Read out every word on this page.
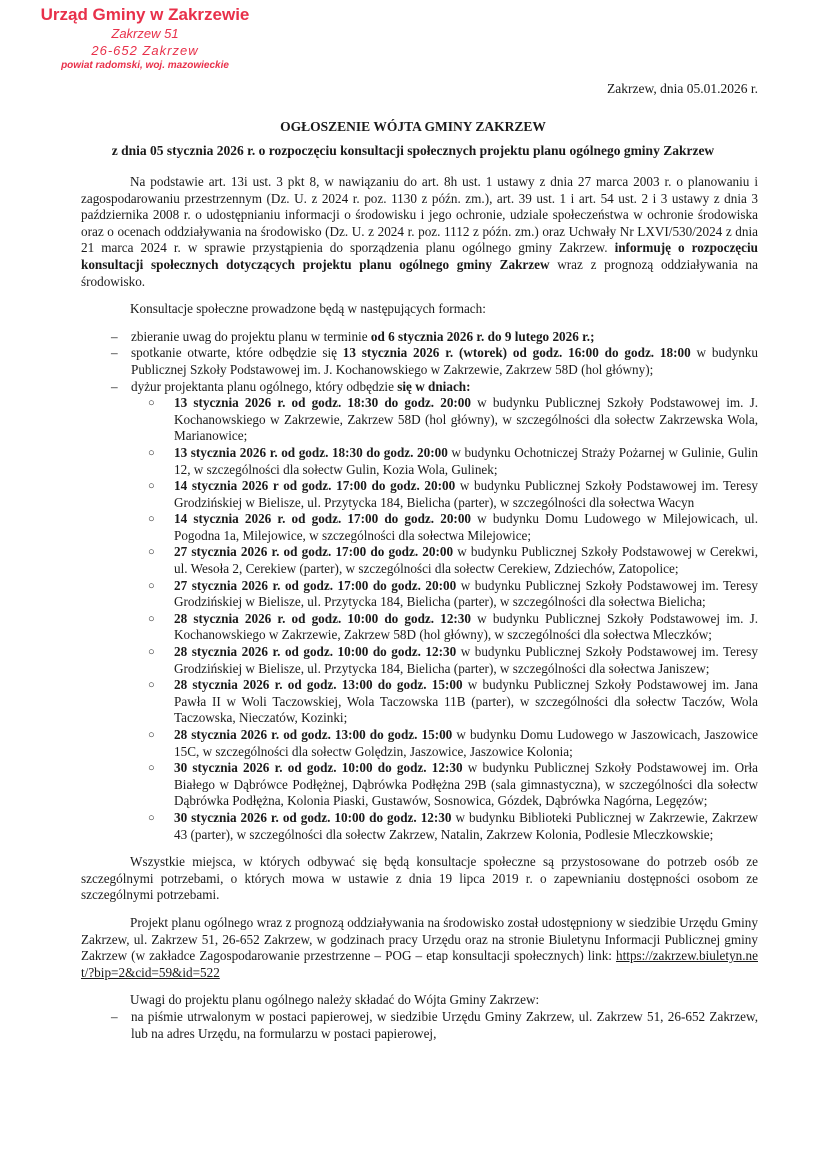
Urząd Gminy w Zakrzewie
Zakrzew 51
26-652 Zakrzew
powiat radomski, woj. mazowieckie
Zakrzew, dnia 05.01.2026 r.
OGŁOSZENIE WÓJTA GMINY ZAKRZEW
z dnia 05 stycznia 2026 r. o rozpoczęciu konsultacji społecznych projektu planu ogólnego gminy Zakrzew

Na podstawie art. 13i ust. 3 pkt 8, w nawiązaniu do art. 8h ust. 1 ustawy z dnia 27 marca 2003 r. o planowaniu i zagospodarowaniu przestrzennym (Dz. U. z 2024 r. poz. 1130 z późn. zm.), art. 39 ust. 1 i art. 54 ust. 2 i 3 ustawy z dnia 3 października 2008 r. o udostępnianiu informacji o środowisku i jego ochronie, udziale społeczeństwa w ochronie środowiska oraz o ocenach oddziaływania na środowisko (Dz. U. z 2024 r. poz. 1112 z późn. zm.) oraz Uchwały Nr LXVI/530/2024 z dnia 21 marca 2024 r. w sprawie przystąpienia do sporządzenia planu ogólnego gminy Zakrzew. informuję o rozpoczęciu konsultacji społecznych dotyczących projektu planu ogólnego gminy Zakrzew wraz z prognozą oddziaływania na środowisko.

Konsultacje społeczne prowadzone będą w następujących formach:

–	zbieranie uwag do projektu planu w terminie od 6 stycznia 2026 r. do 9 lutego 2026 r.;
–	spotkanie otwarte, które odbędzie się 13 stycznia 2026 r. (wtorek) od godz. 16:00 do godz. 18:00 w budynku Publicznej Szkoły Podstawowej im. J. Kochanowskiego w Zakrzewie, Zakrzew 58D (hol główny);
–	dyżur projektanta planu ogólnego, który odbędzie się w dniach:
○	13 stycznia 2026 r. od godz. 18:30 do godz. 20:00 w budynku Publicznej Szkoły Podstawowej im. J. Kochanowskiego w Zakrzewie, Zakrzew 58D (hol główny), w szczególności dla sołectw Zakrzewska Wola, Marianowice;
○	13 stycznia 2026 r. od godz. 18:30 do godz. 20:00 w budynku Ochotniczej Straży Pożarnej w Gulinie, Gulin 12, w szczególności dla sołectw Gulin, Kozia Wola, Gulinek;
○	14 stycznia 2026 r od godz. 17:00 do godz. 20:00 w budynku Publicznej Szkoły Podstawowej im. Teresy Grodzińskiej w Bielisze, ul. Przytycka 184, Bielicha (parter), w szczególności dla sołectwa Wacyn
○	14 stycznia 2026 r. od godz. 17:00 do godz. 20:00 w budynku Domu Ludowego w Milejowicach, ul. Pogodna 1a, Milejowice, w szczególności dla sołectwa Milejowice;
○	27 stycznia 2026 r. od godz. 17:00 do godz. 20:00 w budynku Publicznej Szkoły Podstawowej w Cerekwi, ul. Wesoła 2, Cerekiew (parter), w szczególności dla sołectw Cerekiew, Zdziechów, Zatopolice;
○	27 stycznia 2026 r. od godz. 17:00 do godz. 20:00 w budynku Publicznej Szkoły Podstawowej im. Teresy Grodzińskiej w Bielisze, ul. Przytycka 184, Bielicha (parter), w szczególności dla sołectwa Bielicha;
○	28 stycznia 2026 r. od godz. 10:00 do godz. 12:30 w budynku Publicznej Szkoły Podstawowej im. J. Kochanowskiego w Zakrzewie, Zakrzew 58D (hol główny), w szczególności dla sołectwa Mleczków;
○	28 stycznia 2026 r. od godz. 10:00 do godz. 12:30 w budynku Publicznej Szkoły Podstawowej im. Teresy Grodzińskiej w Bielisze, ul. Przytycka 184, Bielicha (parter), w szczególności dla sołectwa Janiszew;
○	28 stycznia 2026 r. od godz. 13:00 do godz. 15:00 w budynku Publicznej Szkoły Podstawowej im. Jana Pawła II w Woli Taczowskiej, Wola Taczowska 11B (parter), w szczególności dla sołectw Taczów, Wola Taczowska, Nieczatów, Kozinki;
○	28 stycznia 2026 r. od godz. 13:00 do godz. 15:00 w budynku Domu Ludowego w Jaszowicach, Jaszowice 15C, w szczególności dla sołectw Golędzin, Jaszowice, Jaszowice Kolonia;
○	30 stycznia 2026 r. od godz. 10:00 do godz. 12:30 w budynku Publicznej Szkoły Podstawowej im. Orła Białego w Dąbrówce Podłężnej, Dąbrówka Podłężna 29B (sala gimnastyczna), w szczególności dla sołectw Dąbrówka Podłężna, Kolonia Piaski, Gustawów, Sosnowica, Gózdek, Dąbrówka Nagórna, Legęzów;
○	30 stycznia 2026 r. od godz. 10:00 do godz. 12:30 w budynku Biblioteki Publicznej w Zakrzewie, Zakrzew 43 (parter), w szczególności dla sołectw Zakrzew, Natalin, Zakrzew Kolonia, Podlesie Mleczkowskie;

Wszystkie miejsca, w których odbywać się będą konsultacje społeczne są przystosowane do potrzeb osób ze szczególnymi potrzebami, o których mowa w ustawie z dnia 19 lipca 2019 r. o zapewnianiu dostępności osobom ze szczególnymi potrzebami.

Projekt planu ogólnego wraz z prognozą oddziaływania na środowisko został udostępniony w siedzibie Urzędu Gminy Zakrzew, ul. Zakrzew 51, 26-652 Zakrzew, w godzinach pracy Urzędu oraz na stronie Biuletynu Informacji Publicznej gminy Zakrzew (w zakładce Zagospodarowanie przestrzenne – POG – etap konsultacji społecznych) link: https://zakrzew.biuletyn.net/?bip=2&cid=59&id=522

Uwagi do projektu planu ogólnego należy składać do Wójta Gminy Zakrzew:

–	na piśmie utrwalonym w postaci papierowej, w siedzibie Urzędu Gminy Zakrzew, ul. Zakrzew 51, 26-652 Zakrzew, lub na adres Urzędu, na formularzu w postaci papierowej,
